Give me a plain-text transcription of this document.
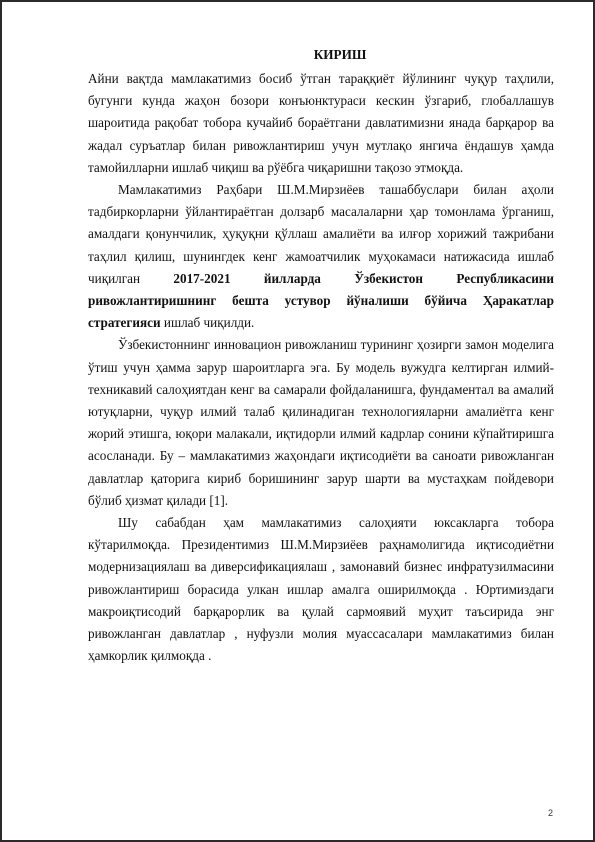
КИРИШ

Айни вақтда мамлакатимиз босиб ўтган тараққиёт йўлининг чуқур таҳлили, бугунги кунда жаҳон бозори конъюнктураси кескин ўзгариб, глобаллашув шароитида рақобат тобора кучайиб бораётгани давлатимизни янада барқарор ва жадал суръатлар билан ривожлантириш учун мутлақо янгича ёндашув ҳамда тамойилларни ишлаб чиқиш ва рўёбга чиқаришни тақозо этмоқда.

Мамлакатимиз Раҳбари Ш.М.Мирзиёев ташаббуслари билан аҳоли тадбиркорларни ўйлантираётган долзарб масалаларни ҳар томонлама ўрганиш, амалдаги қонунчилик, ҳуқуқни қўллаш амалиёти ва илғор хорижий тажрибани таҳлил қилиш, шунингдек кенг жамоатчилик муҳокамаси натижасида ишлаб чиқилган 2017-2021 йилларда Ўзбекистон Республикасини ривожлантиришнинг бешта устувор йўналиши бўйича Ҳаракатлар стратегияси ишлаб чиқилди.

Ўзбекистоннинг инновацион ривожланиш турининг ҳозирги замон моделига ўтиш учун ҳамма зарур шароитларга эга. Бу модель вужудга келтирган илмий-техникавий салоҳиятдан кенг ва самарали фойдаланишга, фундаментал ва амалий ютуқларни, чуқур илмий талаб қилинадиган технологияларни амалиётга кенг жорий этишга, юқори малакали, иқтидорли илмий кадрлар сонини кўпайтиришга асосланади. Бу – мамлакатимиз жаҳондаги иқтисодиёти ва саноати ривожланган давлатлар қаторига кириб боришининг зарур шарти ва мустаҳкам пойдевори бўлиб ҳизмат қилади [1].

Шу сабабдан ҳам мамлакатимиз салоҳияти юксакларга тобора кўтарилмоқда. Президентимиз Ш.М.Мирзиёев раҳнамолигида иқтисодиётни модернизациялаш ва диверсификациялаш , замонавий бизнес инфратузилмасини ривожлантириш борасида улкан ишлар амалга оширилмоқда . Юртимиздаги макроиқтисодий барқарорлик ва қулай сармоявий муҳит таъсирида энг ривожланган давлатлар , нуфузли молия муассасалари мамлакатимиз билан ҳамкорлик қилмоқда .

2
